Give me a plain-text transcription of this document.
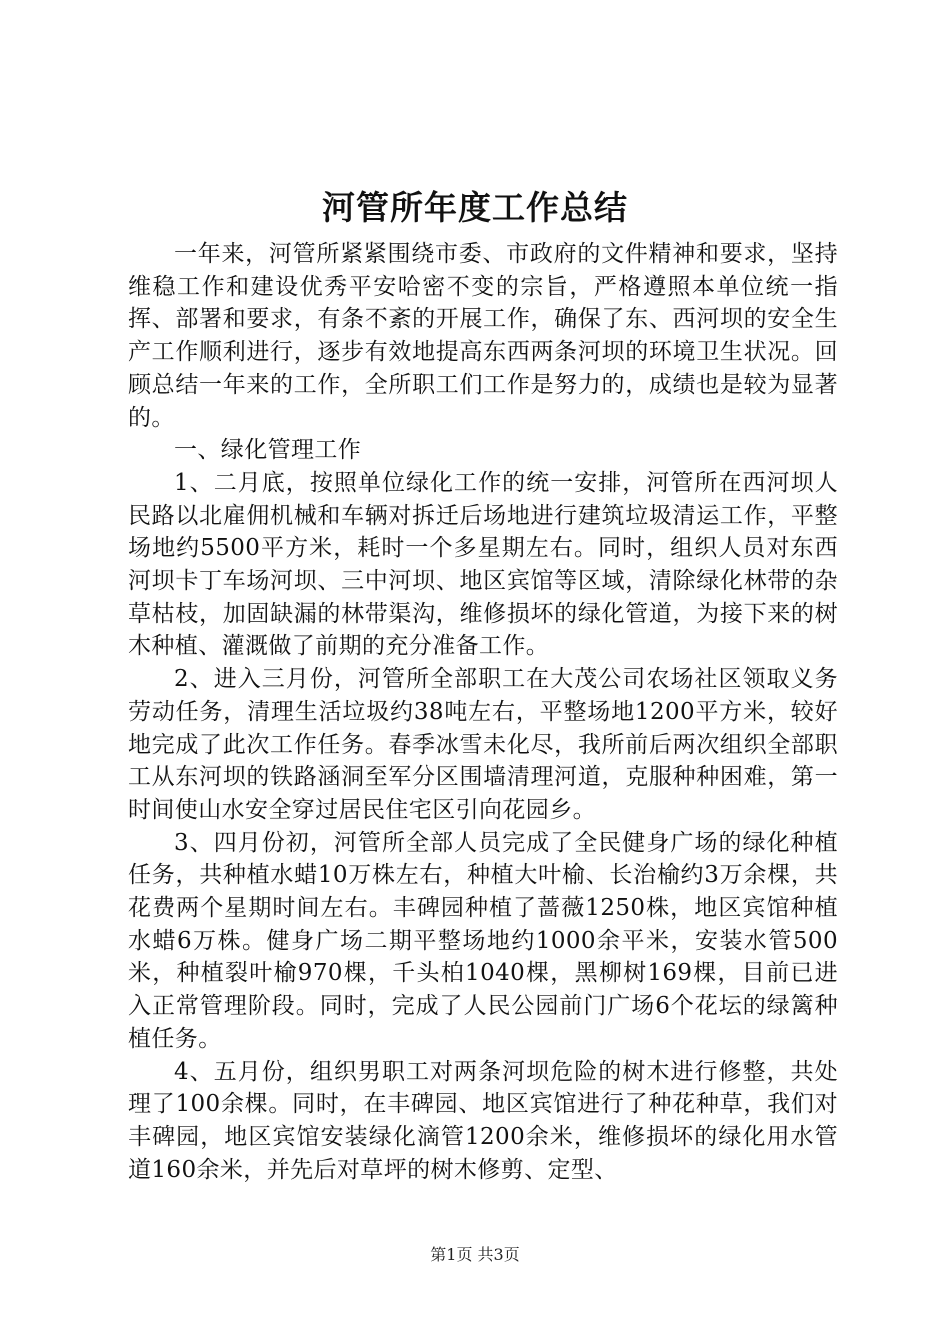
河管所年度工作总结

一年来，河管所紧紧围绕市委、市政府的文件精神和要求，坚持维稳工作和建设优秀平安哈密不变的宗旨，严格遵照本单位统一指挥、部署和要求，有条不紊的开展工作，确保了东、西河坝的安全生产工作顺利进行，逐步有效地提高东西两条河坝的环境卫生状况。回顾总结一年来的工作，全所职工们工作是努力的，成绩也是较为显著的。

一、绿化管理工作

1、二月底，按照单位绿化工作的统一安排，河管所在西河坝人民路以北雇佣机械和车辆对拆迁后场地进行建筑垃圾清运工作，平整场地约5500平方米，耗时一个多星期左右。同时，组织人员对东西河坝卡丁车场河坝、三中河坝、地区宾馆等区域，清除绿化林带的杂草枯枝，加固缺漏的林带渠沟，维修损坏的绿化管道，为接下来的树木种植、灌溉做了前期的充分准备工作。

2、进入三月份，河管所全部职工在大茂公司农场社区领取义务劳动任务，清理生活垃圾约38吨左右，平整场地1200平方米，较好地完成了此次工作任务。春季冰雪未化尽，我所前后两次组织全部职工从东河坝的铁路涵洞至军分区围墙清理河道，克服种种困难，第一时间使山水安全穿过居民住宅区引向花园乡。

3、四月份初，河管所全部人员完成了全民健身广场的绿化种植任务，共种植水蜡10万株左右，种植大叶榆、长治榆约3万余棵，共花费两个星期时间左右。丰碑园种植了蔷薇1250株，地区宾馆种植水蜡6万株。健身广场二期平整场地约1000余平米，安装水管500米，种植裂叶榆970棵，千头柏1040棵，黑柳树169棵，目前已进入正常管理阶段。同时，完成了人民公园前门广场6个花坛的绿篱种植任务。

4、五月份，组织男职工对两条河坝危险的树木进行修整，共处理了100余棵。同时，在丰碑园、地区宾馆进行了种花种草，我们对丰碑园，地区宾馆安装绿化滴管1200余米，维修损坏的绿化用水管道160余米，并先后对草坪的树木修剪、定型、

第1页 共3页
